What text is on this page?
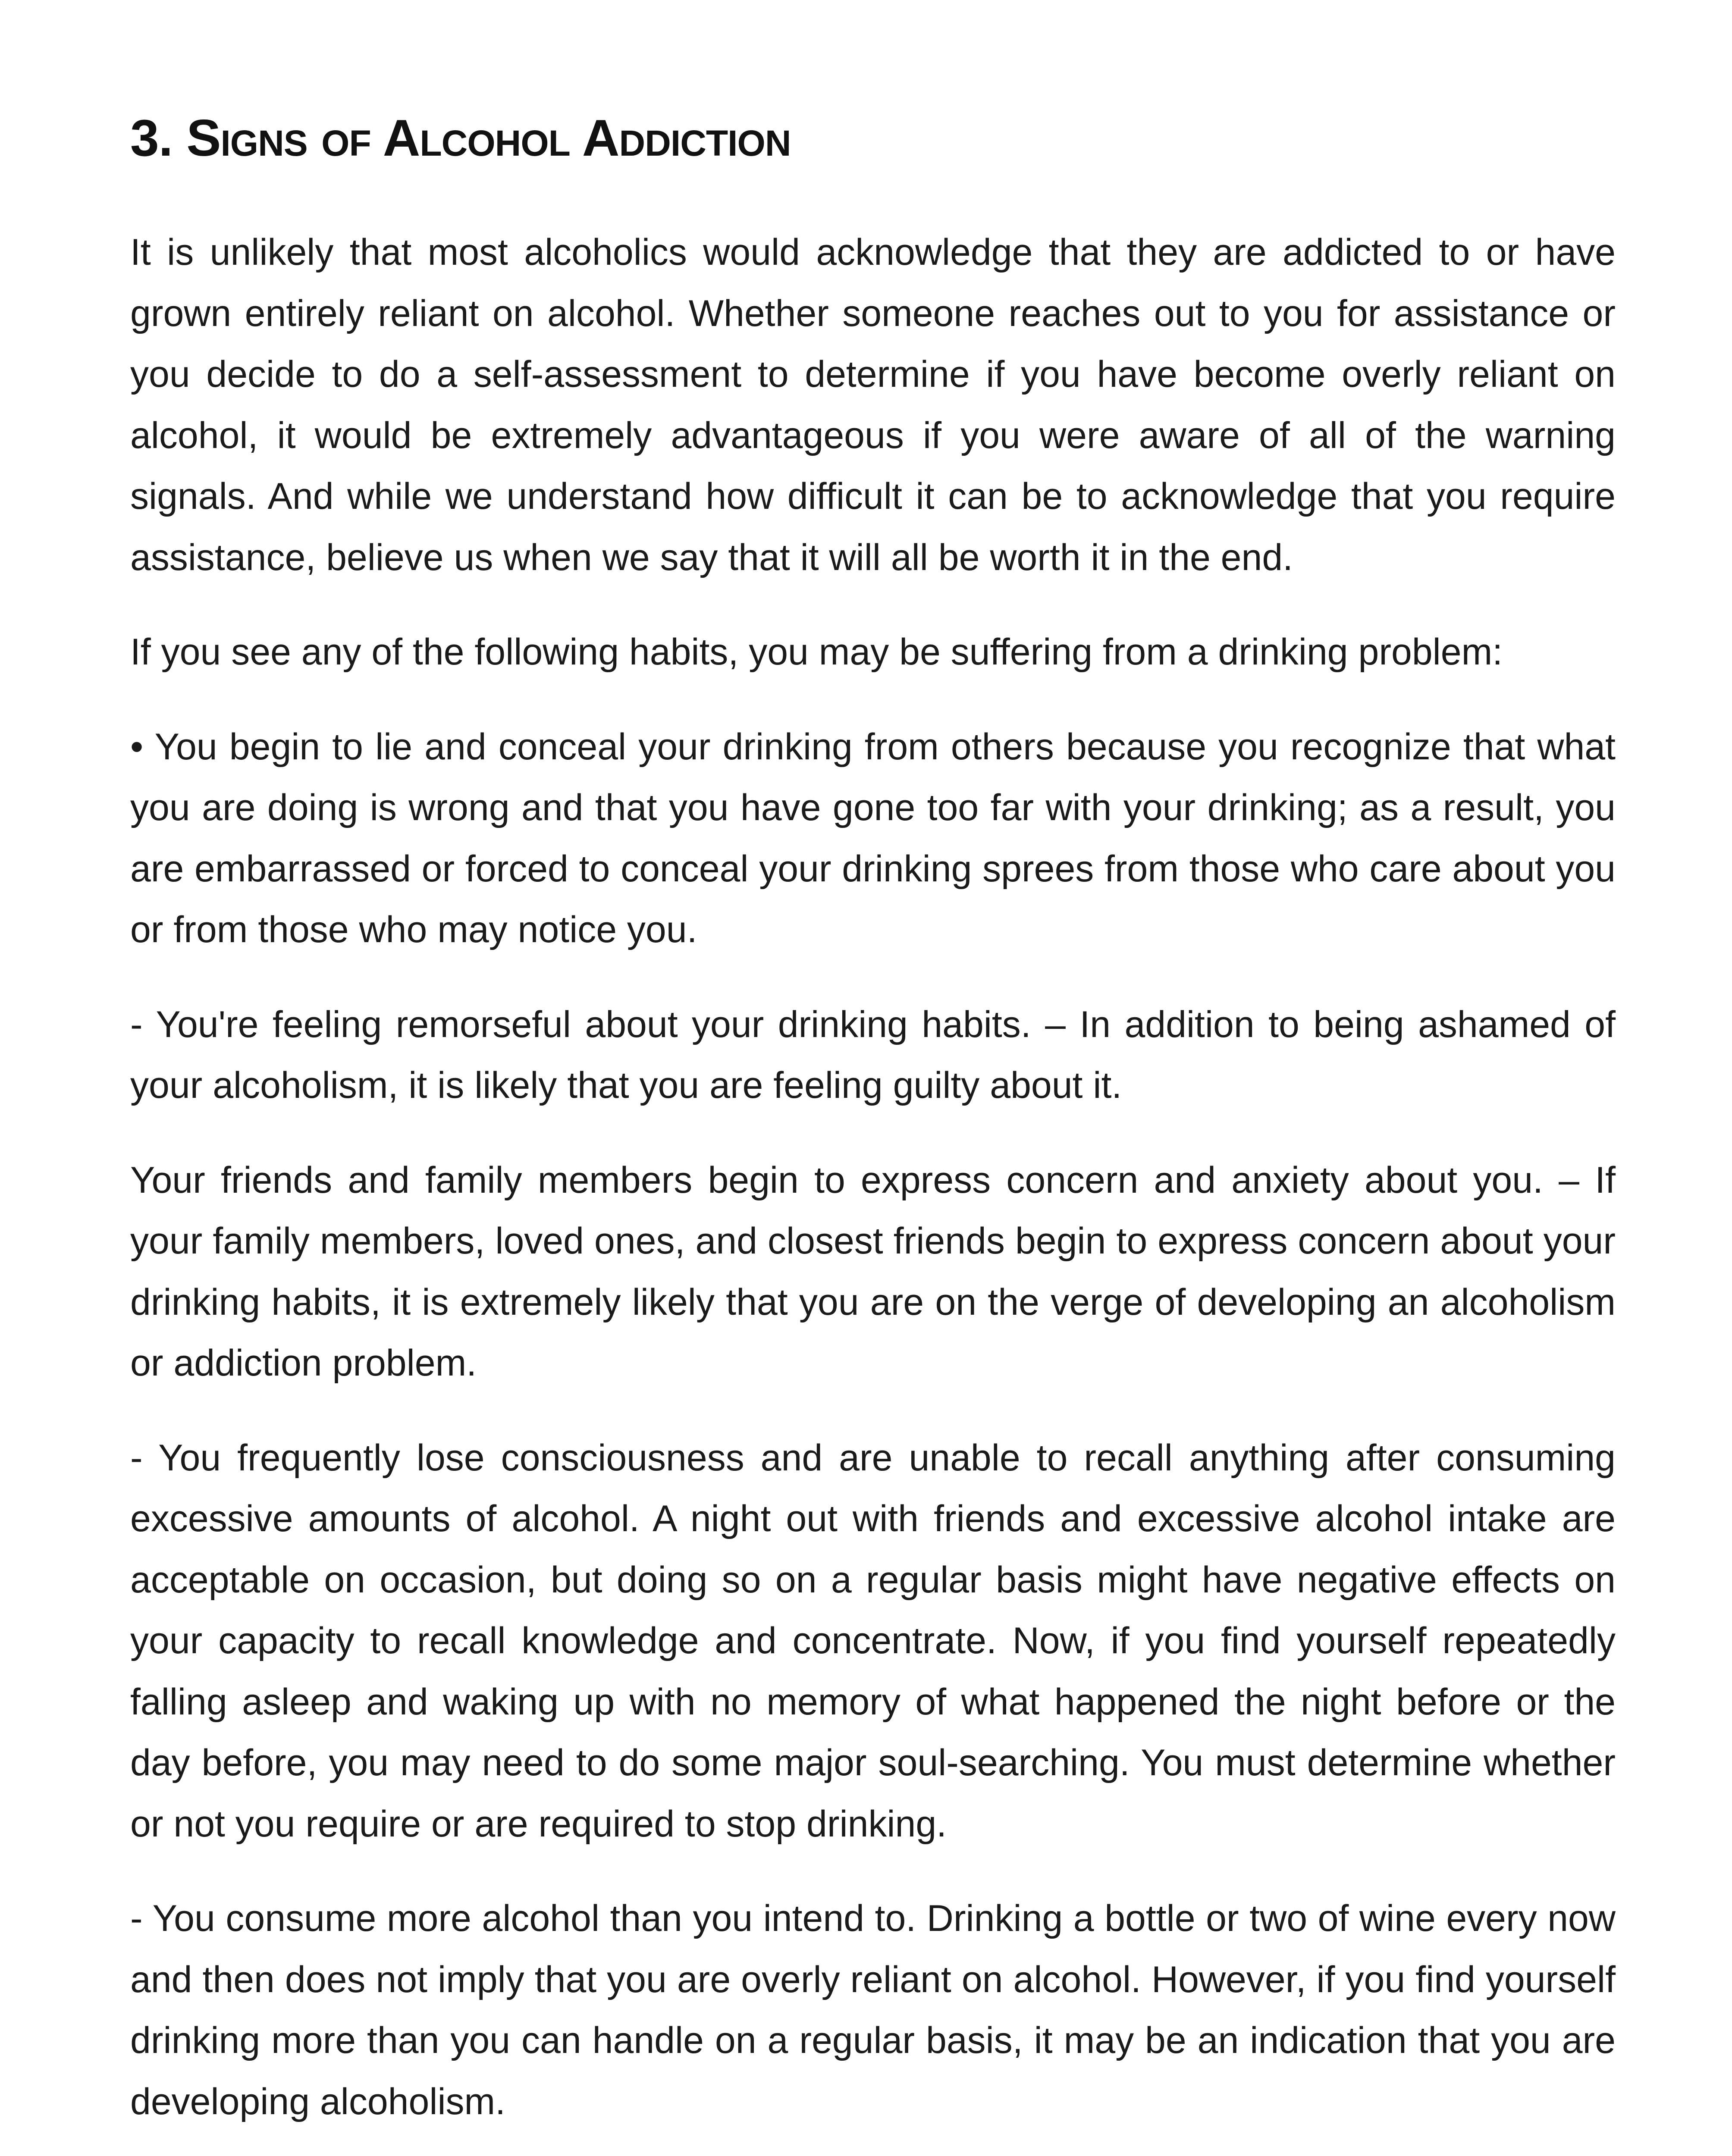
3. Signs of Alcohol Addiction

It is unlikely that most alcoholics would acknowledge that they are addicted to or have grown entirely reliant on alcohol. Whether someone reaches out to you for assistance or you decide to do a self-assessment to determine if you have become overly reliant on alcohol, it would be extremely advantageous if you were aware of all of the warning signals. And while we understand how difficult it can be to acknowledge that you require assistance, believe us when we say that it will all be worth it in the end.

If you see any of the following habits, you may be suffering from a drinking problem:

• You begin to lie and conceal your drinking from others because you recognize that what you are doing is wrong and that you have gone too far with your drinking; as a result, you are embarrassed or forced to conceal your drinking sprees from those who care about you or from those who may notice you.

- You're feeling remorseful about your drinking habits. – In addition to being ashamed of your alcoholism, it is likely that you are feeling guilty about it.

Your friends and family members begin to express concern and anxiety about you. – If your family members, loved ones, and closest friends begin to express concern about your drinking habits, it is extremely likely that you are on the verge of developing an alcoholism or addiction problem.

- You frequently lose consciousness and are unable to recall anything after consuming excessive amounts of alcohol. A night out with friends and excessive alcohol intake are acceptable on occasion, but doing so on a regular basis might have negative effects on your capacity to recall knowledge and concentrate. Now, if you find yourself repeatedly falling asleep and waking up with no memory of what happened the night before or the day before, you may need to do some major soul-searching. You must determine whether or not you require or are required to stop drinking.

- You consume more alcohol than you intend to. Drinking a bottle or two of wine every now and then does not imply that you are overly reliant on alcohol. However, if you find yourself drinking more than you can handle on a regular basis, it may be an indication that you are developing alcoholism.
